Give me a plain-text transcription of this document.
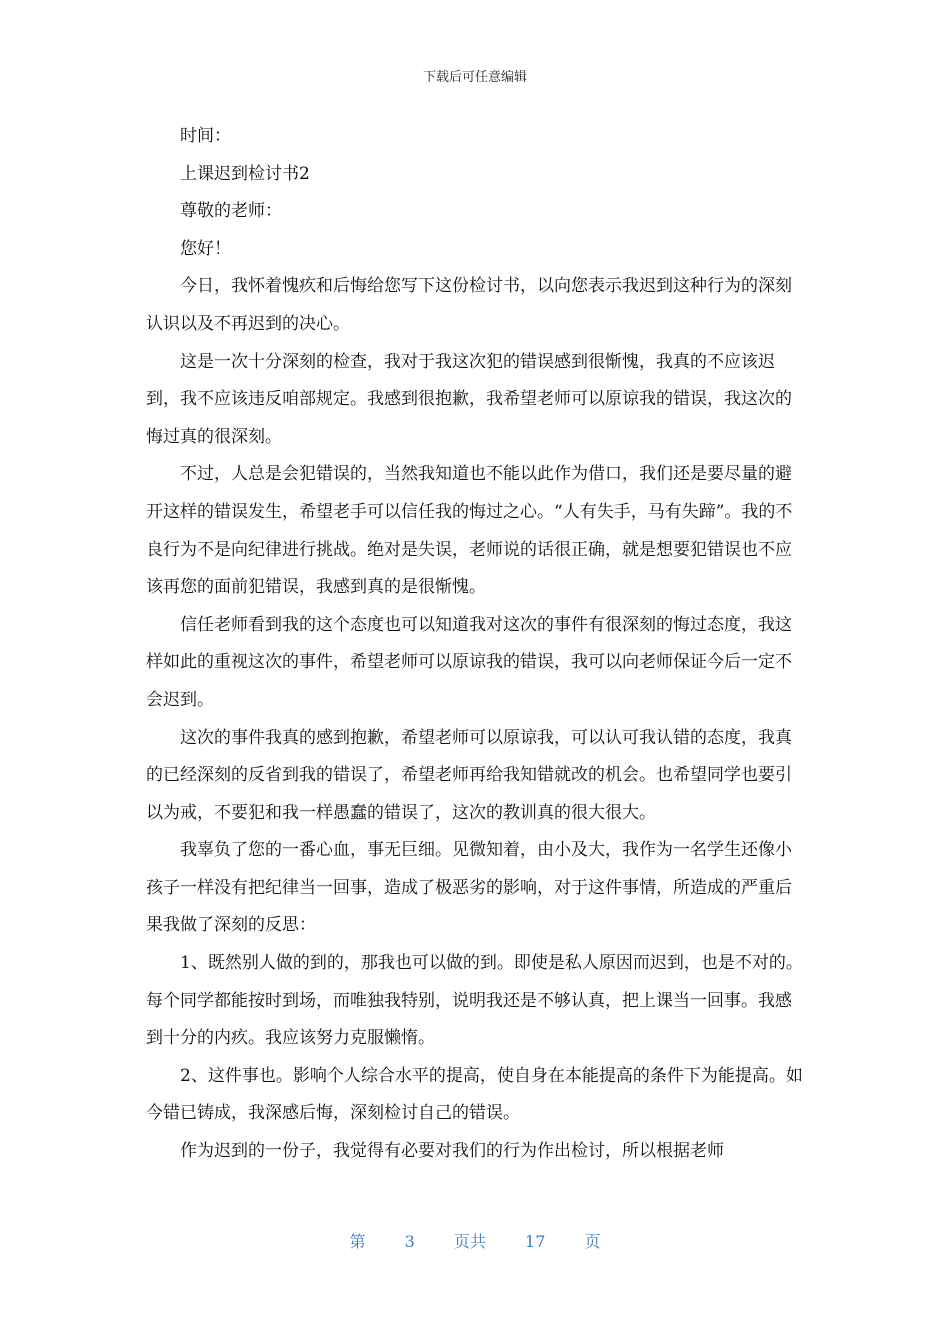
下载后可任意编辑

时间：

上课迟到检讨书2

尊敬的老师：

您好！

今日，我怀着愧疚和后悔给您写下这份检讨书，以向您表示我迟到这种行为的深刻认识以及不再迟到的决心。

这是一次十分深刻的检查，我对于我这次犯的错误感到很惭愧，我真的不应该迟到，我不应该违反咱部规定。我感到很抱歉，我希望老师可以原谅我的错误，我这次的悔过真的很深刻。

不过，人总是会犯错误的，当然我知道也不能以此作为借口，我们还是要尽量的避开这样的错误发生，希望老手可以信任我的悔过之心。“人有失手，马有失蹄”。我的不良行为不是向纪律进行挑战。绝对是失误，老师说的话很正确，就是想要犯错误也不应该再您的面前犯错误，我感到真的是很惭愧。

信任老师看到我的这个态度也可以知道我对这次的事件有很深刻的悔过态度，我这样如此的重视这次的事件，希望老师可以原谅我的错误，我可以向老师保证今后一定不会迟到。

这次的事件我真的感到抱歉，希望老师可以原谅我，可以认可我认错的态度，我真的已经深刻的反省到我的错误了，希望老师再给我知错就改的机会。也希望同学也要引以为戒，不要犯和我一样愚蠢的错误了，这次的教训真的很大很大。

我辜负了您的一番心血，事无巨细。见微知着，由小及大，我作为一名学生还像小孩子一样没有把纪律当一回事，造成了极恶劣的影响，对于这件事情，所造成的严重后果我做了深刻的反思：

1、既然别人做的到的，那我也可以做的到。即使是私人原因而迟到，也是不对的。每个同学都能按时到场，而唯独我特别，说明我还是不够认真，把上课当一回事。我感到十分的内疚。我应该努力克服懒惰。

2、这件事也。影响个人综合水平的提高，使自身在本能提高的条件下为能提高。如今错已铸成，我深感后悔，深刻检讨自己的错误。

作为迟到的一份子，我觉得有必要对我们的行为作出检讨，所以根据老师

第 3 页共 17 页
